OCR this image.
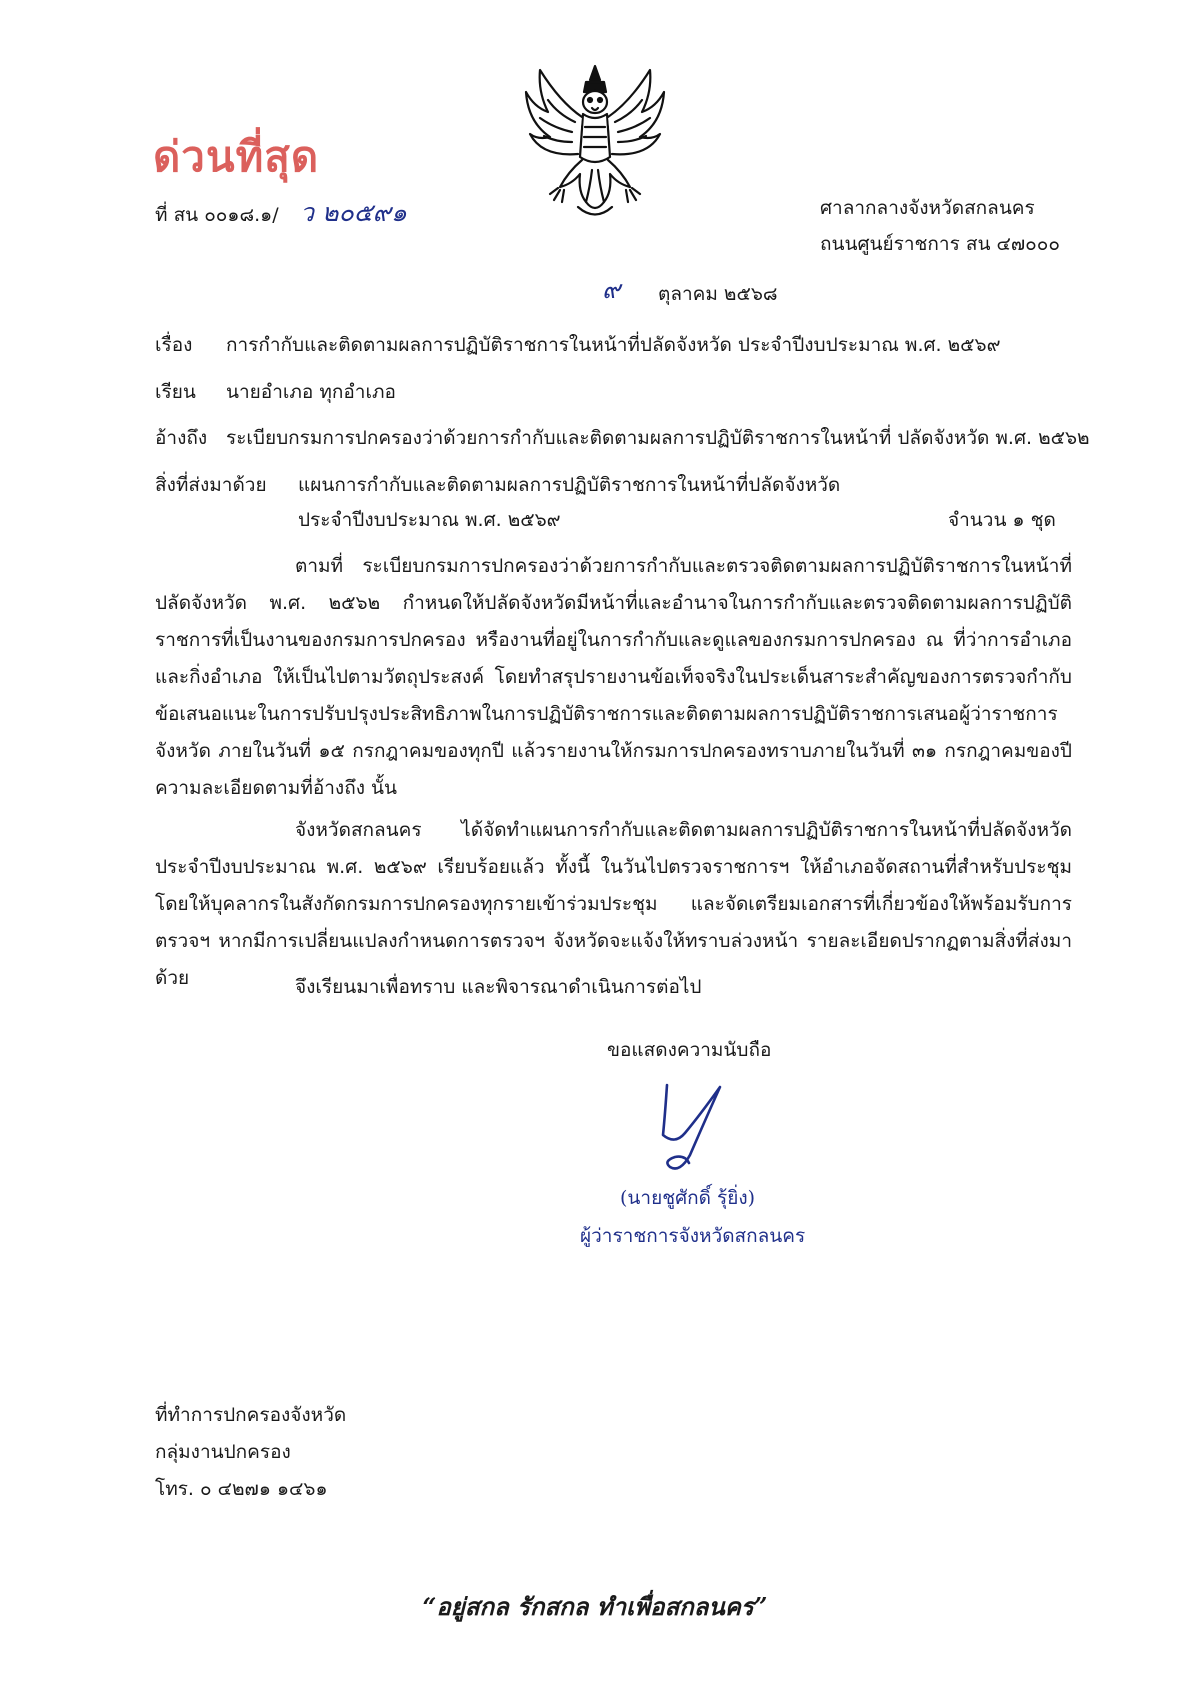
ด่วนที่สุด
ที่ สน ๐๐๑๘.๑/ ว ๒๐๕๙๑	ศาลากลางจังหวัดสกลนคร
ถนนศูนย์ราชการ สน ๔๗๐๐๐
๙ ตุลาคม ๒๕๖๘
เรื่อง การกำกับและติดตามผลการปฏิบัติราชการในหน้าที่ปลัดจังหวัด ประจำปีงบประมาณ พ.ศ. ๒๕๖๙
เรียน นายอำเภอ ทุกอำเภอ
อ้างถึง ระเบียบกรมการปกครองว่าด้วยการกำกับและติดตามผลการปฏิบัติราชการในหน้าที่ ปลัดจังหวัด พ.ศ. ๒๕๖๒
สิ่งที่ส่งมาด้วย แผนการกำกับและติดตามผลการปฏิบัติราชการในหน้าที่ปลัดจังหวัด
ประจำปีงบประมาณ พ.ศ. ๒๕๖๙	จำนวน ๑ ชุด
ตามที่ ระเบียบกรมการปกครองว่าด้วยการกำกับและตรวจติดตามผลการปฏิบัติราชการในหน้าที่ปลัดจังหวัด พ.ศ. ๒๕๖๒ กำหนดให้ปลัดจังหวัดมีหน้าที่และอำนาจในการกำกับและตรวจติดตามผลการปฏิบัติราชการที่เป็นงานของกรมการปกครอง หรืองานที่อยู่ในการกำกับและดูแลของกรมการปกครอง ณ ที่ว่าการอำเภอและกิ่งอำเภอ ให้เป็นไปตามวัตถุประสงค์ โดยทำสรุปรายงานข้อเท็จจริงในประเด็นสาระสำคัญของการตรวจกำกับ ข้อเสนอแนะในการปรับปรุงประสิทธิภาพในการปฏิบัติราชการและติดตามผลการปฏิบัติราชการเสนอผู้ว่าราชการจังหวัด ภายในวันที่ ๑๕ กรกฎาคมของทุกปี แล้วรายงานให้กรมการปกครองทราบภายในวันที่ ๓๑ กรกฎาคมของปี ความละเอียดตามที่อ้างถึง นั้น
จังหวัดสกลนคร ได้จัดทำแผนการกำกับและติดตามผลการปฏิบัติราชการในหน้าที่ปลัดจังหวัดประจำปีงบประมาณ พ.ศ. ๒๕๖๙ เรียบร้อยแล้ว ทั้งนี้ ในวันไปตรวจราชการฯ ให้อำเภอจัดสถานที่สำหรับประชุม โดยให้บุคลากรในสังกัดกรมการปกครองทุกรายเข้าร่วมประชุม และจัดเตรียมเอกสารที่เกี่ยวข้องให้พร้อมรับการตรวจฯ หากมีการเปลี่ยนแปลงกำหนดการตรวจฯ จังหวัดจะแจ้งให้ทราบล่วงหน้า รายละเอียดปรากฏตามสิ่งที่ส่งมาด้วย	จึงเรียนมาเพื่อทราบ และพิจารณาดำเนินการต่อไป
ขอแสดงความนับถือ
(นายชูศักดิ์ รุ้ยิ่ง)
ผู้ว่าราชการจังหวัดสกลนคร
ที่ทำการปกครองจังหวัด
กลุ่มงานปกครอง
โทร. ๐ ๔๒๗๑ ๑๔๖๑
“อยู่สกล รักสกล ทำเพื่อสกลนคร”
